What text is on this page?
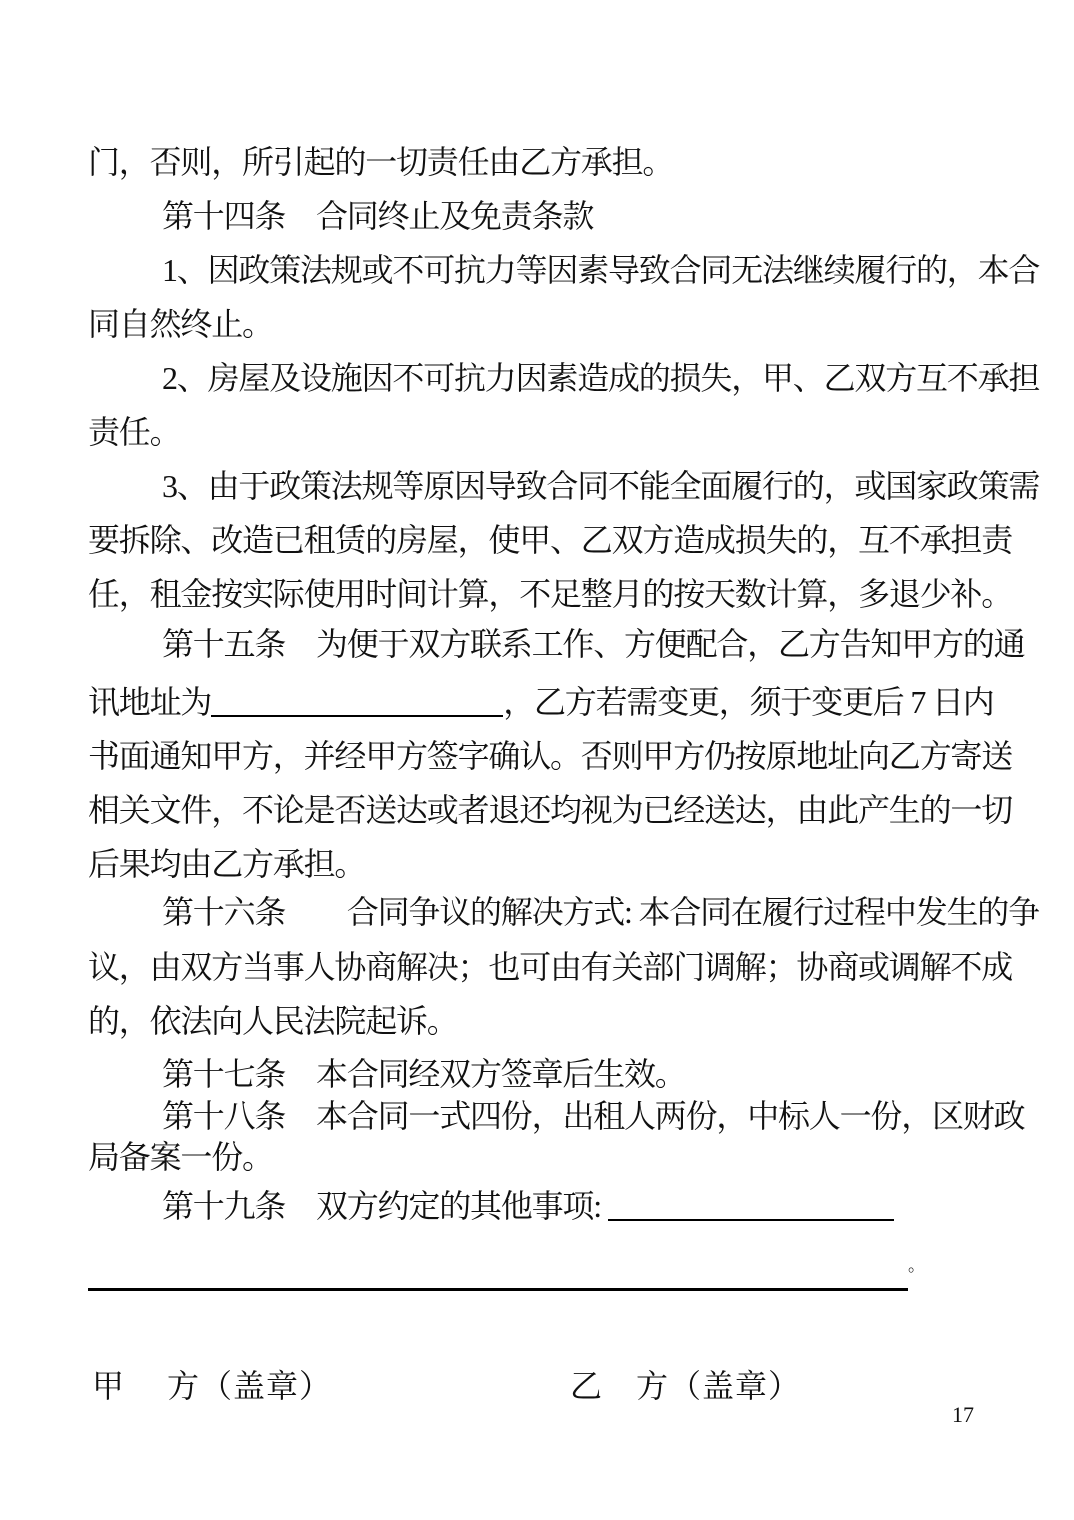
门，否则，所引起的一切责任由乙方承担。
第十四条　合同终止及免责条款
1、因政策法规或不可抗力等因素导致合同无法继续履行的，本合
同自然终止。
2、房屋及设施因不可抗力因素造成的损失，甲、乙双方互不承担
责任。
3、由于政策法规等原因导致合同不能全面履行的，或国家政策需
要拆除、改造已租赁的房屋，使甲、乙双方造成损失的，互不承担责
任，租金按实际使用时间计算，不足整月的按天数计算，多退少补。
第十五条　为便于双方联系工作、方便配合，乙方告知甲方的通
讯地址为	，乙方若需变更，须于变更后 7 日内
书面通知甲方，并经甲方签字确认。否则甲方仍按原地址向乙方寄送
相关文件，不论是否送达或者退还均视为已经送达，由此产生的一切
后果均由乙方承担。
第十六条　　合同争议的解决方式: 本合同在履行过程中发生的争
议，由双方当事人协商解决；也可由有关部门调解；协商或调解不成
的，依法向人民法院起诉。
第十七条　本合同经双方签章后生效。
第十八条　本合同一式四份，出租人两份，中标人一份，区财政
局备案一份。
第十九条　双方约定的其他事项:
。
甲　 方（盖章）	乙　方（盖章）
17
